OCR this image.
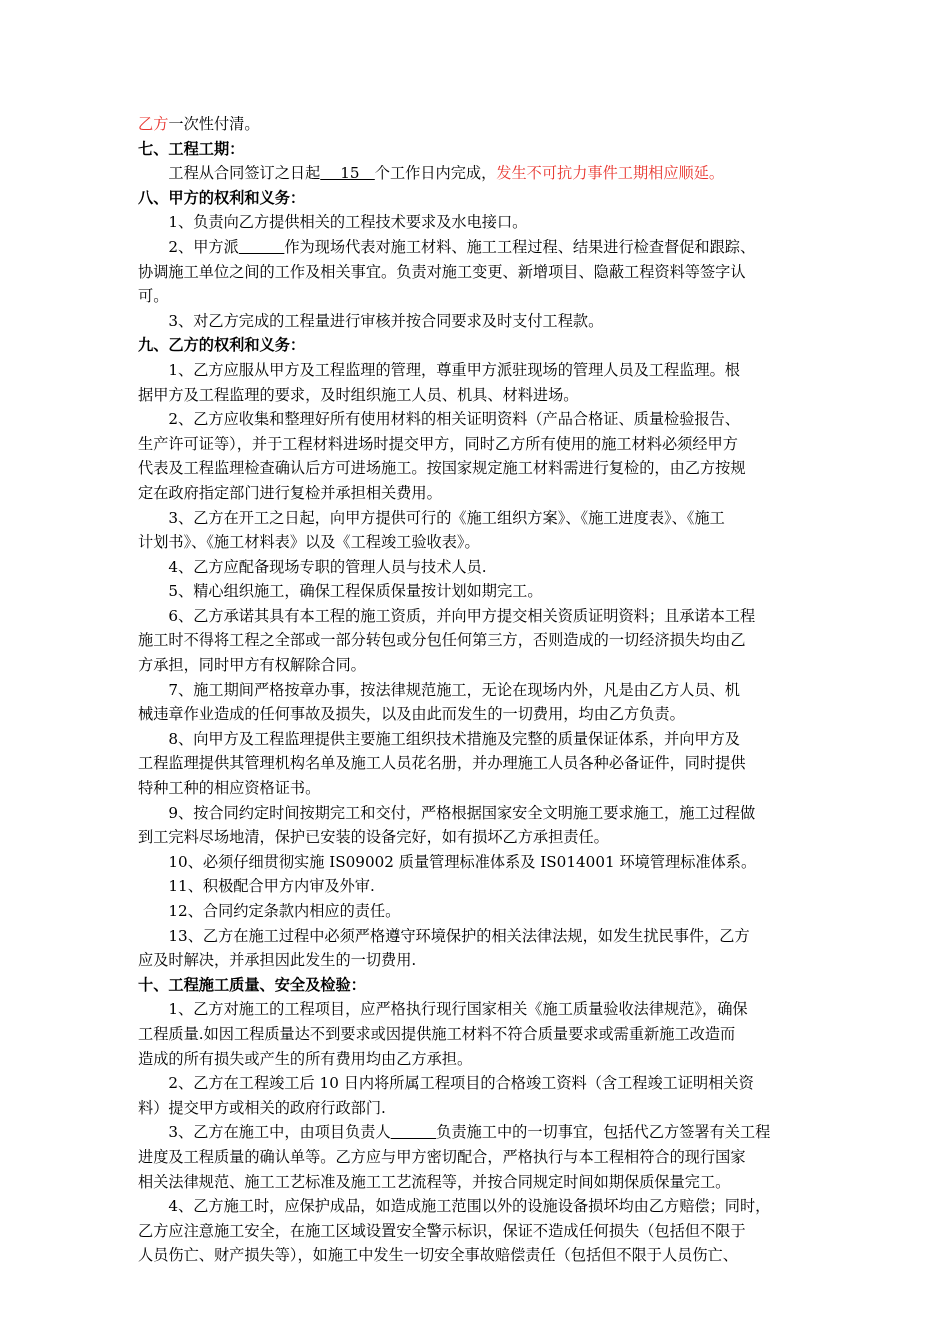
乙方一次性付清。
七、工程工期：
　　工程从合同签订之日起　 15　个工作日内完成，发生不可抗力事件工期相应顺延。
八、甲方的权利和义务：
　　1、负责向乙方提供相关的工程技术要求及水电接口。
　　2、甲方派　　　	作为现场代表对施工材料、施工工程过程、结果进行检查督促和跟踪、
协调施工单位之间的工作及相关事宜。负责对施工变更、新增项目、隐蔽工程资料等签字认
可。
　　3、对乙方完成的工程量进行审核并按合同要求及时支付工程款。
九、乙方的权利和义务：
　　1、乙方应服从甲方及工程监理的管理，尊重甲方派驻现场的管理人员及工程监理。根
据甲方及工程监理的要求，及时组织施工人员、机具、材料进场。
　　2、乙方应收集和整理好所有使用材料的相关证明资料（产品合格证、质量检验报告、
生产许可证等），并于工程材料进场时提交甲方，同时乙方所有使用的施工材料必须经甲方
代表及工程监理检查确认后方可进场施工。按国家规定施工材料需进行复检的，由乙方按规
定在政府指定部门进行复检并承担相关费用。
　　3、乙方在开工之日起，向甲方提供可行的《施工组织方案》、《施工进度表》、《施工
计划书》、《施工材料表》以及《工程竣工验收表》。
　　4、乙方应配备现场专职的管理人员与技术人员.
　　5、精心组织施工，确保工程保质保量按计划如期完工。
　　6、乙方承诺其具有本工程的施工资质，并向甲方提交相关资质证明资料；且承诺本工程
施工时不得将工程之全部或一部分转包或分包任何第三方，否则造成的一切经济损失均由乙
方承担，同时甲方有权解除合同。
　　7、施工期间严格按章办事，按法律规范施工，无论在现场内外，凡是由乙方人员、机
械违章作业造成的任何事故及损失，以及由此而发生的一切费用，均由乙方负责。
　　8、向甲方及工程监理提供主要施工组织技术措施及完整的质量保证体系，并向甲方及
工程监理提供其管理机构名单及施工人员花名册，并办理施工人员各种必备证件，同时提供
特种工种的相应资格证书。
　　9、按合同约定时间按期完工和交付，严格根据国家安全文明施工要求施工，施工过程做
到工完料尽场地清，保护已安装的设备完好，如有损坏乙方承担责任。
　　10、必须仔细贯彻实施 IS09002 质量管理标准体系及 IS014001 环境管理标准体系。
　　11、积极配合甲方内审及外审.
　　12、合同约定条款内相应的责任。
　　13、乙方在施工过程中必须严格遵守环境保护的相关法律法规，如发生扰民事件，乙方
应及时解决，并承担因此发生的一切费用.
十、工程施工质量、安全及检验：
　　1、乙方对施工的工程项目，应严格执行现行国家相关《施工质量验收法律规范》，确保
工程质量.如因工程质量达不到要求或因提供施工材料不符合质量要求或需重新施工改造而
造成的所有损失或产生的所有费用均由乙方承担。
　　2、乙方在工程竣工后 10 日内将所属工程项目的合格竣工资料（含工程竣工证明相关资
料）提交甲方或相关的政府行政部门.
　　3、乙方在施工中，由项目负责人　　　	负责施工中的一切事宜，包括代乙方签署有关工程
进度及工程质量的确认单等。乙方应与甲方密切配合，严格执行与本工程相符合的现行国家
相关法律规范、施工工艺标准及施工工艺流程等，并按合同规定时间如期保质保量完工。
　　4、乙方施工时，应保护成品，如造成施工范围以外的设施设备损坏均由乙方赔偿；同时，
乙方应注意施工安全，在施工区域设置安全警示标识，保证不造成任何损失（包括但不限于
人员伤亡、财产损失等），如施工中发生一切安全事故赔偿责任（包括但不限于人员伤亡、
